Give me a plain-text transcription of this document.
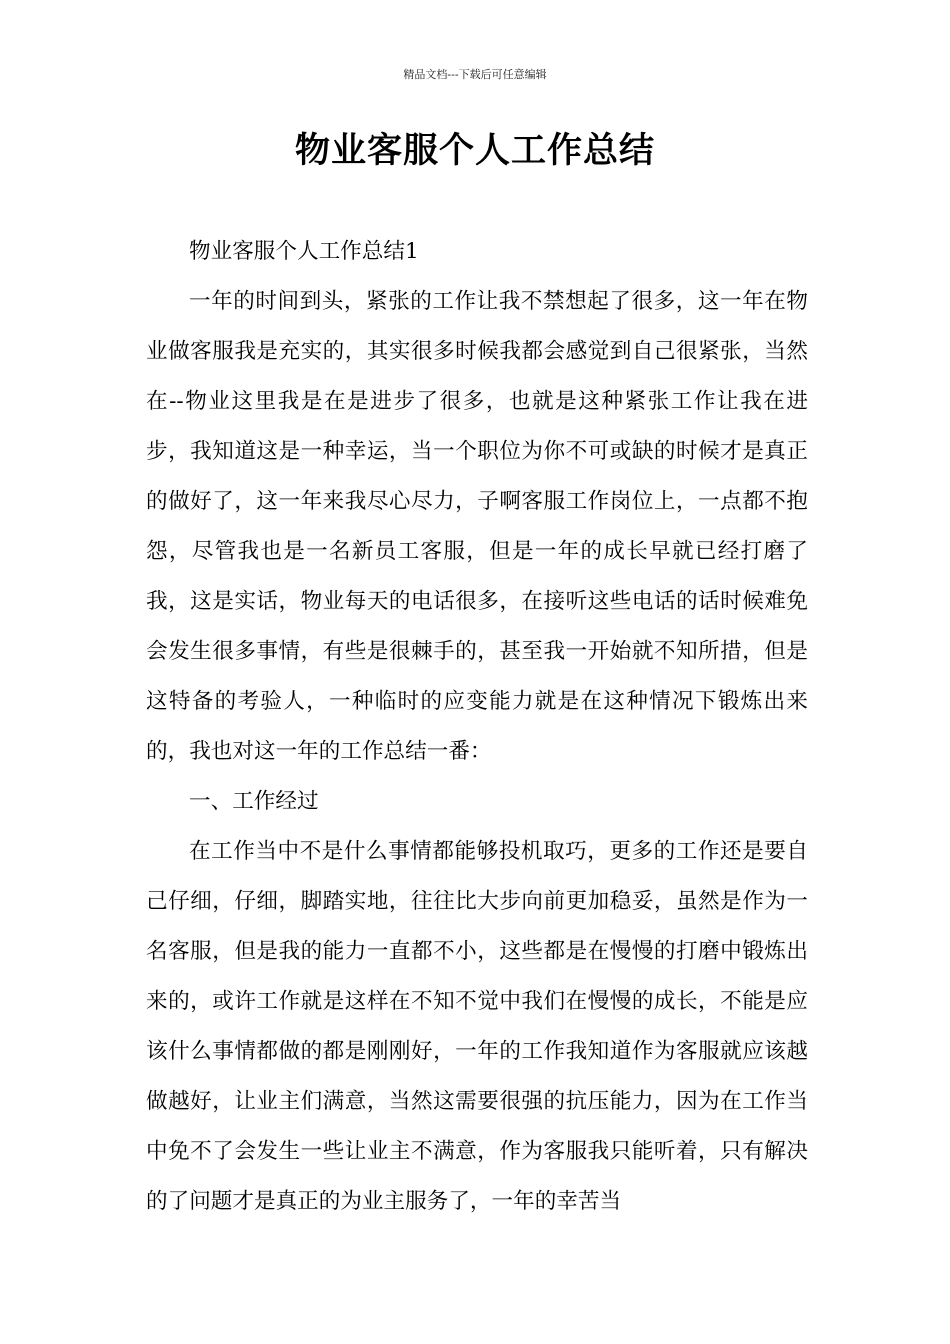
精品文档---下载后可任意编辑
物业客服个人工作总结

物业客服个人工作总结1

一年的时间到头，紧张的工作让我不禁想起了很多，这一年在物业做客服我是充实的，其实很多时候我都会感觉到自己很紧张，当然在--物业这里我是在是进步了很多，也就是这种紧张工作让我在进步，我知道这是一种幸运，当一个职位为你不可或缺的时候才是真正的做好了，这一年来我尽心尽力，子啊客服工作岗位上，一点都不抱怨，尽管我也是一名新员工客服，但是一年的成长早就已经打磨了我，这是实话，物业每天的电话很多，在接听这些电话的话时候难免会发生很多事情，有些是很棘手的，甚至我一开始就不知所措，但是这特备的考验人，一种临时的应变能力就是在这种情况下锻炼出来的，我也对这一年的工作总结一番：

一、工作经过

在工作当中不是什么事情都能够投机取巧，更多的工作还是要自己仔细，仔细，脚踏实地，往往比大步向前更加稳妥，虽然是作为一名客服，但是我的能力一直都不小，这些都是在慢慢的打磨中锻炼出来的，或许工作就是这样在不知不觉中我们在慢慢的成长，不能是应该什么事情都做的都是刚刚好，一年的工作我知道作为客服就应该越做越好，让业主们满意，当然这需要很强的抗压能力，因为在工作当中免不了会发生一些让业主不满意，作为客服我只能听着，只有解决的了问题才是真正的为业主服务了，一年的幸苦当
